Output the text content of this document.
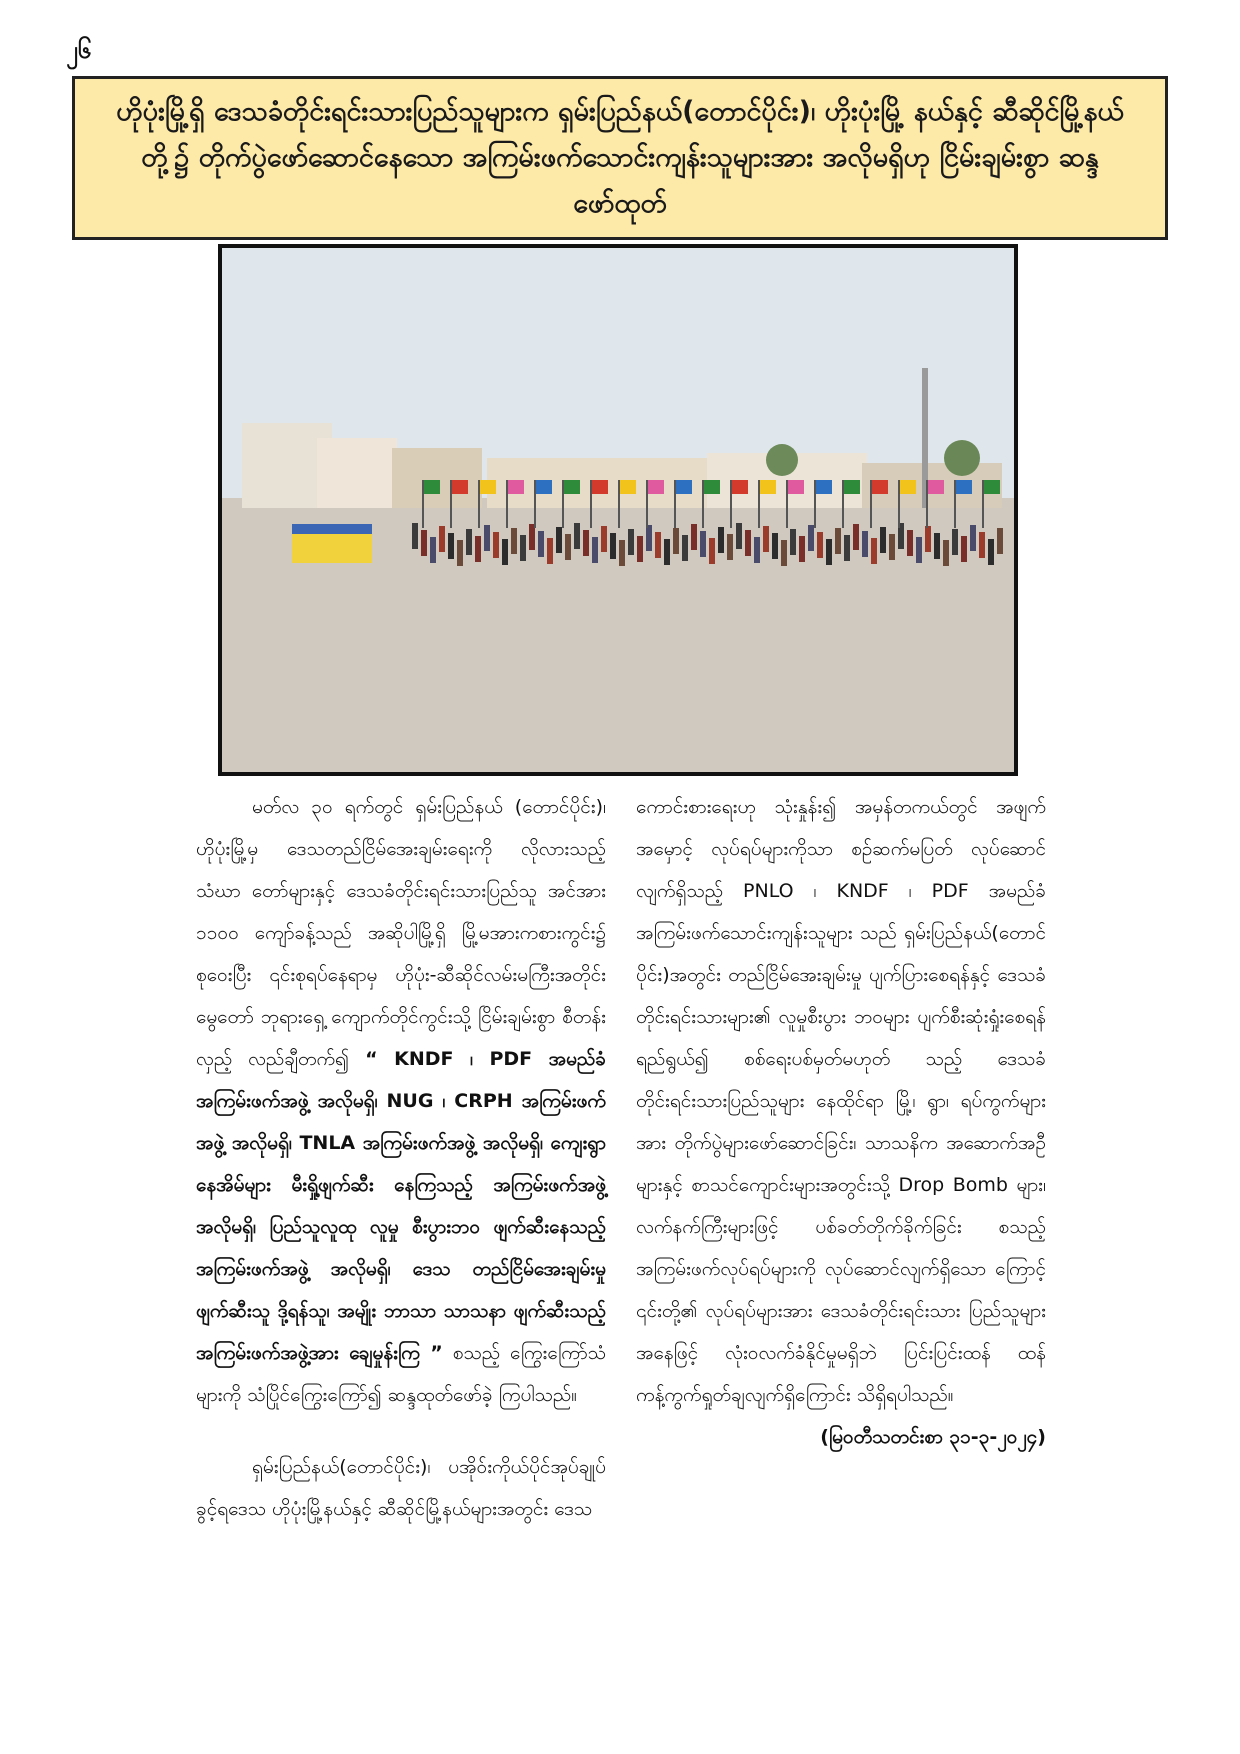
၂၆
ဟိုပုံးမြို့ရှိ ဒေသခံတိုင်းရင်းသားပြည်သူများက ရှမ်းပြည်နယ်(တောင်ပိုင်း)၊ ဟိုးပုံးမြို့ နယ်နှင့် ဆီဆိုင်မြို့နယ်တို့၌ တိုက်ပွဲဖော်ဆောင်နေသော အကြမ်းဖက်သောင်းကျန်းသူများအား အလိုမရှိဟု ငြိမ်းချမ်းစွာ ဆန္ဒဖော်ထုတ်

မတ်လ ၃၀ ရက်တွင် ရှမ်းပြည်နယ် (တောင်ပိုင်း)၊ ဟိုပုံးမြို့မှ ဒေသတည်ငြိမ်အေးချမ်းရေးကို လိုလားသည့် သံဃာ တော်များနှင့် ဒေသခံတိုင်းရင်းသားပြည်သူ အင်အား ၁၁၀၀ ကျော်ခန့်သည် အဆိုပါမြို့ရှိ မြို့မအားကစားကွင်း၌ စုဝေးပြီး ၎င်းစုရပ်နေရာမှ ဟိုပုံး-ဆီဆိုင်လမ်းမကြီးအတိုင်း မွေတော် ဘုရားရှေ့ ကျောက်တိုင်ကွင်းသို့ ငြိမ်းချမ်းစွာ စီတန်းလှည့် လည်ချီတက်၍ “ KNDF ၊ PDF အမည်ခံ အကြမ်းဖက်အဖွဲ့ အလိုမရှိ၊ NUG ၊ CRPH အကြမ်းဖက်အဖွဲ့ အလိုမရှိ၊ TNLA အကြမ်းဖက်အဖွဲ့ အလိုမရှိ၊ ကျေးရွာ နေအိမ်များ မီးရှို့ဖျက်ဆီး နေကြသည့် အကြမ်းဖက်အဖွဲ့ အလိုမရှိ၊ ပြည်သူလူထု လူမှု စီးပွားဘဝ ဖျက်ဆီးနေသည့် အကြမ်းဖက်အဖွဲ့ အလိုမရှိ၊ ဒေသ တည်ငြိမ်အေးချမ်းမှု ဖျက်ဆီးသူ ဒို့ရန်သူ၊ အမျိုး ဘာသာ သာသနာ ဖျက်ဆီးသည့် အကြမ်းဖက်အဖွဲ့အား ချေမှုန်းကြ ” စသည့် ကြွေးကြော်သံများကို သံပြိုင်ကြွေးကြော်၍ ဆန္ဒထုတ်ဖော်ခဲ့ ကြပါသည်။

ရှမ်းပြည်နယ်(တောင်ပိုင်း)၊ ပအိုဝ်းကိုယ်ပိုင်အုပ်ချုပ် ခွင့်ရဒေသ ဟိုပုံးမြို့နယ်နှင့် ဆီဆိုင်မြို့နယ်များအတွင်း ဒေသ

ကောင်းစားရေးဟု သုံးနှုန်း၍ အမှန်တကယ်တွင် အဖျက်အမှောင့် လုပ်ရပ်များကိုသာ စဉ်ဆက်မပြတ် လုပ်ဆောင်လျက်ရှိသည့် PNLO ၊ KNDF ၊ PDF အမည်ခံ အကြမ်းဖက်သောင်းကျန်းသူများ သည် ရှမ်းပြည်နယ်(တောင်ပိုင်း)အတွင်း တည်ငြိမ်အေးချမ်းမှု ပျက်ပြားစေရန်နှင့် ဒေသခံတိုင်းရင်းသားများ၏ လူမှုစီးပွား ဘဝများ ပျက်စီးဆုံးရှုံးစေရန် ရည်ရွယ်၍ စစ်ရေးပစ်မှတ်မဟုတ် သည့် ဒေသခံတိုင်းရင်းသားပြည်သူများ နေထိုင်ရာ မြို့၊ ရွာ၊ ရပ်ကွက်များအား တိုက်ပွဲများဖော်ဆောင်ခြင်း၊ သာသနိက အဆောက်အဦများနှင့် စာသင်ကျောင်းများအတွင်းသို့ Drop Bomb များ၊ လက်နက်ကြီးများဖြင့် ပစ်ခတ်တိုက်ခိုက်ခြင်း စသည့် အကြမ်းဖက်လုပ်ရပ်များကို လုပ်ဆောင်လျက်ရှိသော ကြောင့် ၎င်းတို့၏ လုပ်ရပ်များအား ဒေသခံတိုင်းရင်းသား ပြည်သူများအနေဖြင့် လုံးဝလက်ခံနိုင်မှုမရှိဘဲ ပြင်းပြင်းထန် ထန် ကန့်ကွက်ရှုတ်ချလျက်ရှိကြောင်း သိရှိရပါသည်။

(မြဝတီသတင်းစာ ၃၁-၃-၂၀၂၄)
